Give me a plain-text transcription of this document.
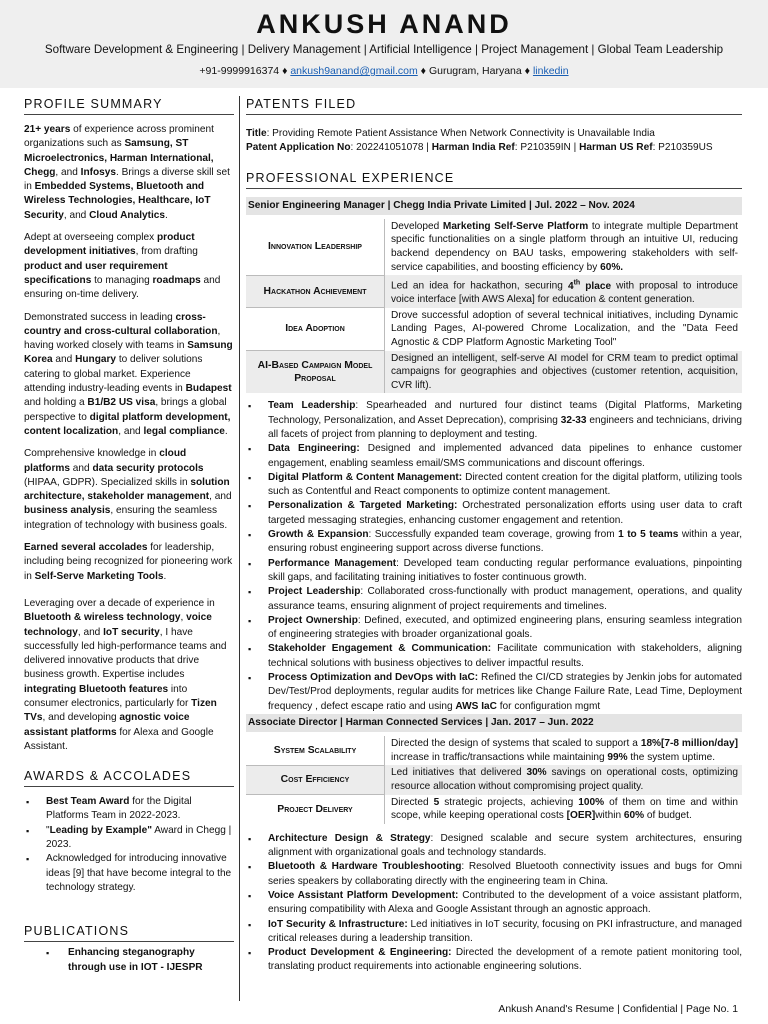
ANKUSH ANAND
Software Development & Engineering | Delivery Management | Artificial Intelligence | Project Management | Global Team Leadership
+91-9999916374 ♦ ankush9anand@gmail.com ♦ Gurugram, Haryana ♦ linkedin
PROFILE SUMMARY

21+ years of experience across prominent organizations such as Samsung, ST Microelectronics, Harman International, Chegg, and Infosys. Brings a diverse skill set in Embedded Systems, Bluetooth and Wireless Technologies, Healthcare, IoT Security, and Cloud Analytics.

Adept at overseeing complex product development initiatives, from drafting product and user requirement specifications to managing roadmaps and ensuring on-time delivery.

Demonstrated success in leading cross-country and cross-cultural collaboration, having worked closely with teams in Samsung Korea and Hungary to deliver solutions catering to global market. Experience attending industry-leading events in Budapest and holding a B1/B2 US visa, brings a global perspective to digital platform development, content localization, and legal compliance.

Comprehensive knowledge in cloud platforms and data security protocols (HIPAA, GDPR). Specialized skills in solution architecture, stakeholder management, and business analysis, ensuring the seamless integration of technology with business goals.

Earned several accolades for leadership, including being recognized for pioneering work in Self-Serve Marketing Tools.

Leveraging over a decade of experience in Bluetooth & wireless technology, voice technology, and IoT security, I have successfully led high-performance teams and delivered innovative products that drive business growth. Expertise includes integrating Bluetooth features into consumer electronics, particularly for Tizen TVs, and developing agnostic voice assistant platforms for Alexa and Google Assistant.

AWARDS & ACCOLADES
▪ Best Team Award for the Digital Platforms Team in 2022-2023.
▪ "Leading by Example" Award in Chegg | 2023.
▪ Acknowledged for introducing innovative ideas [9] that have become integral to the technology strategy.
PUBLICATIONS
▪ Enhancing steganography through use in IOT - IJESPR
PATENTS FILED
Title: Providing Remote Patient Assistance When Network Connectivity is Unavailable India
Patent Application No: 202241051078 | Harman India Ref: P210359IN | Harman US Ref: P210359US
PROFESSIONAL EXPERIENCE
Senior Engineering Manager | Chegg India Private Limited | Jul. 2022 – Nov. 2024
Innovation Leadership	Developed Marketing Self-Serve Platform to integrate multiple Department specific functionalities on a single platform through an intuitive UI, reducing backend dependency on BAU tasks, empowering stakeholders with self-service capabilities, and boosting efficiency by 60%.
Hackathon Achievement	Led an idea for hackathon, securing 4th place with proposal to introduce voice interface [with AWS Alexa] for education & content generation.
Idea Adoption	Drove successful adoption of several technical initiatives, including Dynamic Landing Pages, AI-powered Chrome Localization, and the "Data Feed Agnostic & CDP Platform Agnostic Marketing Tool"
AI-Based Campaign Model Proposal	Designed an intelligent, self-serve AI model for CRM team to predict optimal campaigns for geographies and objectives (customer retention, acquisition, CVR lift).
▪ Team Leadership: Spearheaded and nurtured four distinct teams (Digital Platforms, Marketing Technology, Personalization, and Asset Deprecation), comprising 32-33 engineers and technicians, driving all facets of project from planning to deployment and testing.
▪ Data Engineering: Designed and implemented advanced data pipelines to enhance customer engagement, enabling seamless email/SMS communications and discount offerings.
▪ Digital Platform & Content Management: Directed content creation for the digital platform, utilizing tools such as Contentful and React components to optimize content management.
▪ Personalization & Targeted Marketing: Orchestrated personalization efforts using user data to craft targeted messaging strategies, enhancing customer engagement and retention.
▪ Growth & Expansion: Successfully expanded team coverage, growing from 1 to 5 teams within a year, ensuring robust engineering support across diverse functions.
▪ Performance Management: Developed team conducting regular performance evaluations, pinpointing skill gaps, and facilitating training initiatives to foster continuous growth.
▪ Project Leadership: Collaborated cross-functionally with product management, operations, and quality assurance teams, ensuring alignment of project requirements and timelines.
▪ Project Ownership: Defined, executed, and optimized engineering plans, ensuring seamless integration of engineering strategies with broader organizational goals.
▪ Stakeholder Engagement & Communication: Facilitate communication with stakeholders, aligning technical solutions with business objectives to deliver impactful results.
▪ Process Optimization and DevOps with IaC: Refined the CI/CD strategies by Jenkin jobs for automated Dev/Test/Prod deployments, regular audits for metrices like Change Failure Rate, Lead Time, Deployment frequency , defect escape ratio and using AWS IaC for configuration mgmt
Associate Director | Harman Connected Services | Jan. 2017 – Jun. 2022
System Scalability	Directed the design of systems that scaled to support a 18%[7-8 million/day] increase in traffic/transactions while maintaining 99% the system uptime.
Cost Efficiency	Led initiatives that delivered 30% savings on operational costs, optimizing resource allocation without compromising project quality.
Project Delivery	Directed 5 strategic projects, achieving 100% of them on time and within scope, while keeping operational costs [OER]within 60% of budget.
▪ Architecture Design & Strategy: Designed scalable and secure system architectures, ensuring alignment with organizational goals and technology standards.
▪ Bluetooth & Hardware Troubleshooting: Resolved Bluetooth connectivity issues and bugs for Omni series speakers by collaborating directly with the engineering team in China.
▪ Voice Assistant Platform Development: Contributed to the development of a voice assistant platform, ensuring compatibility with Alexa and Google Assistant through an agnostic approach.
▪ IoT Security & Infrastructure: Led initiatives in IoT security, focusing on PKI infrastructure, and managed critical releases during a leadership transition.
▪ Product Development & Engineering: Directed the development of a remote patient monitoring tool, translating product requirements into actionable engineering solutions.
Ankush Anand's Resume | Confidential | Page No. 1
